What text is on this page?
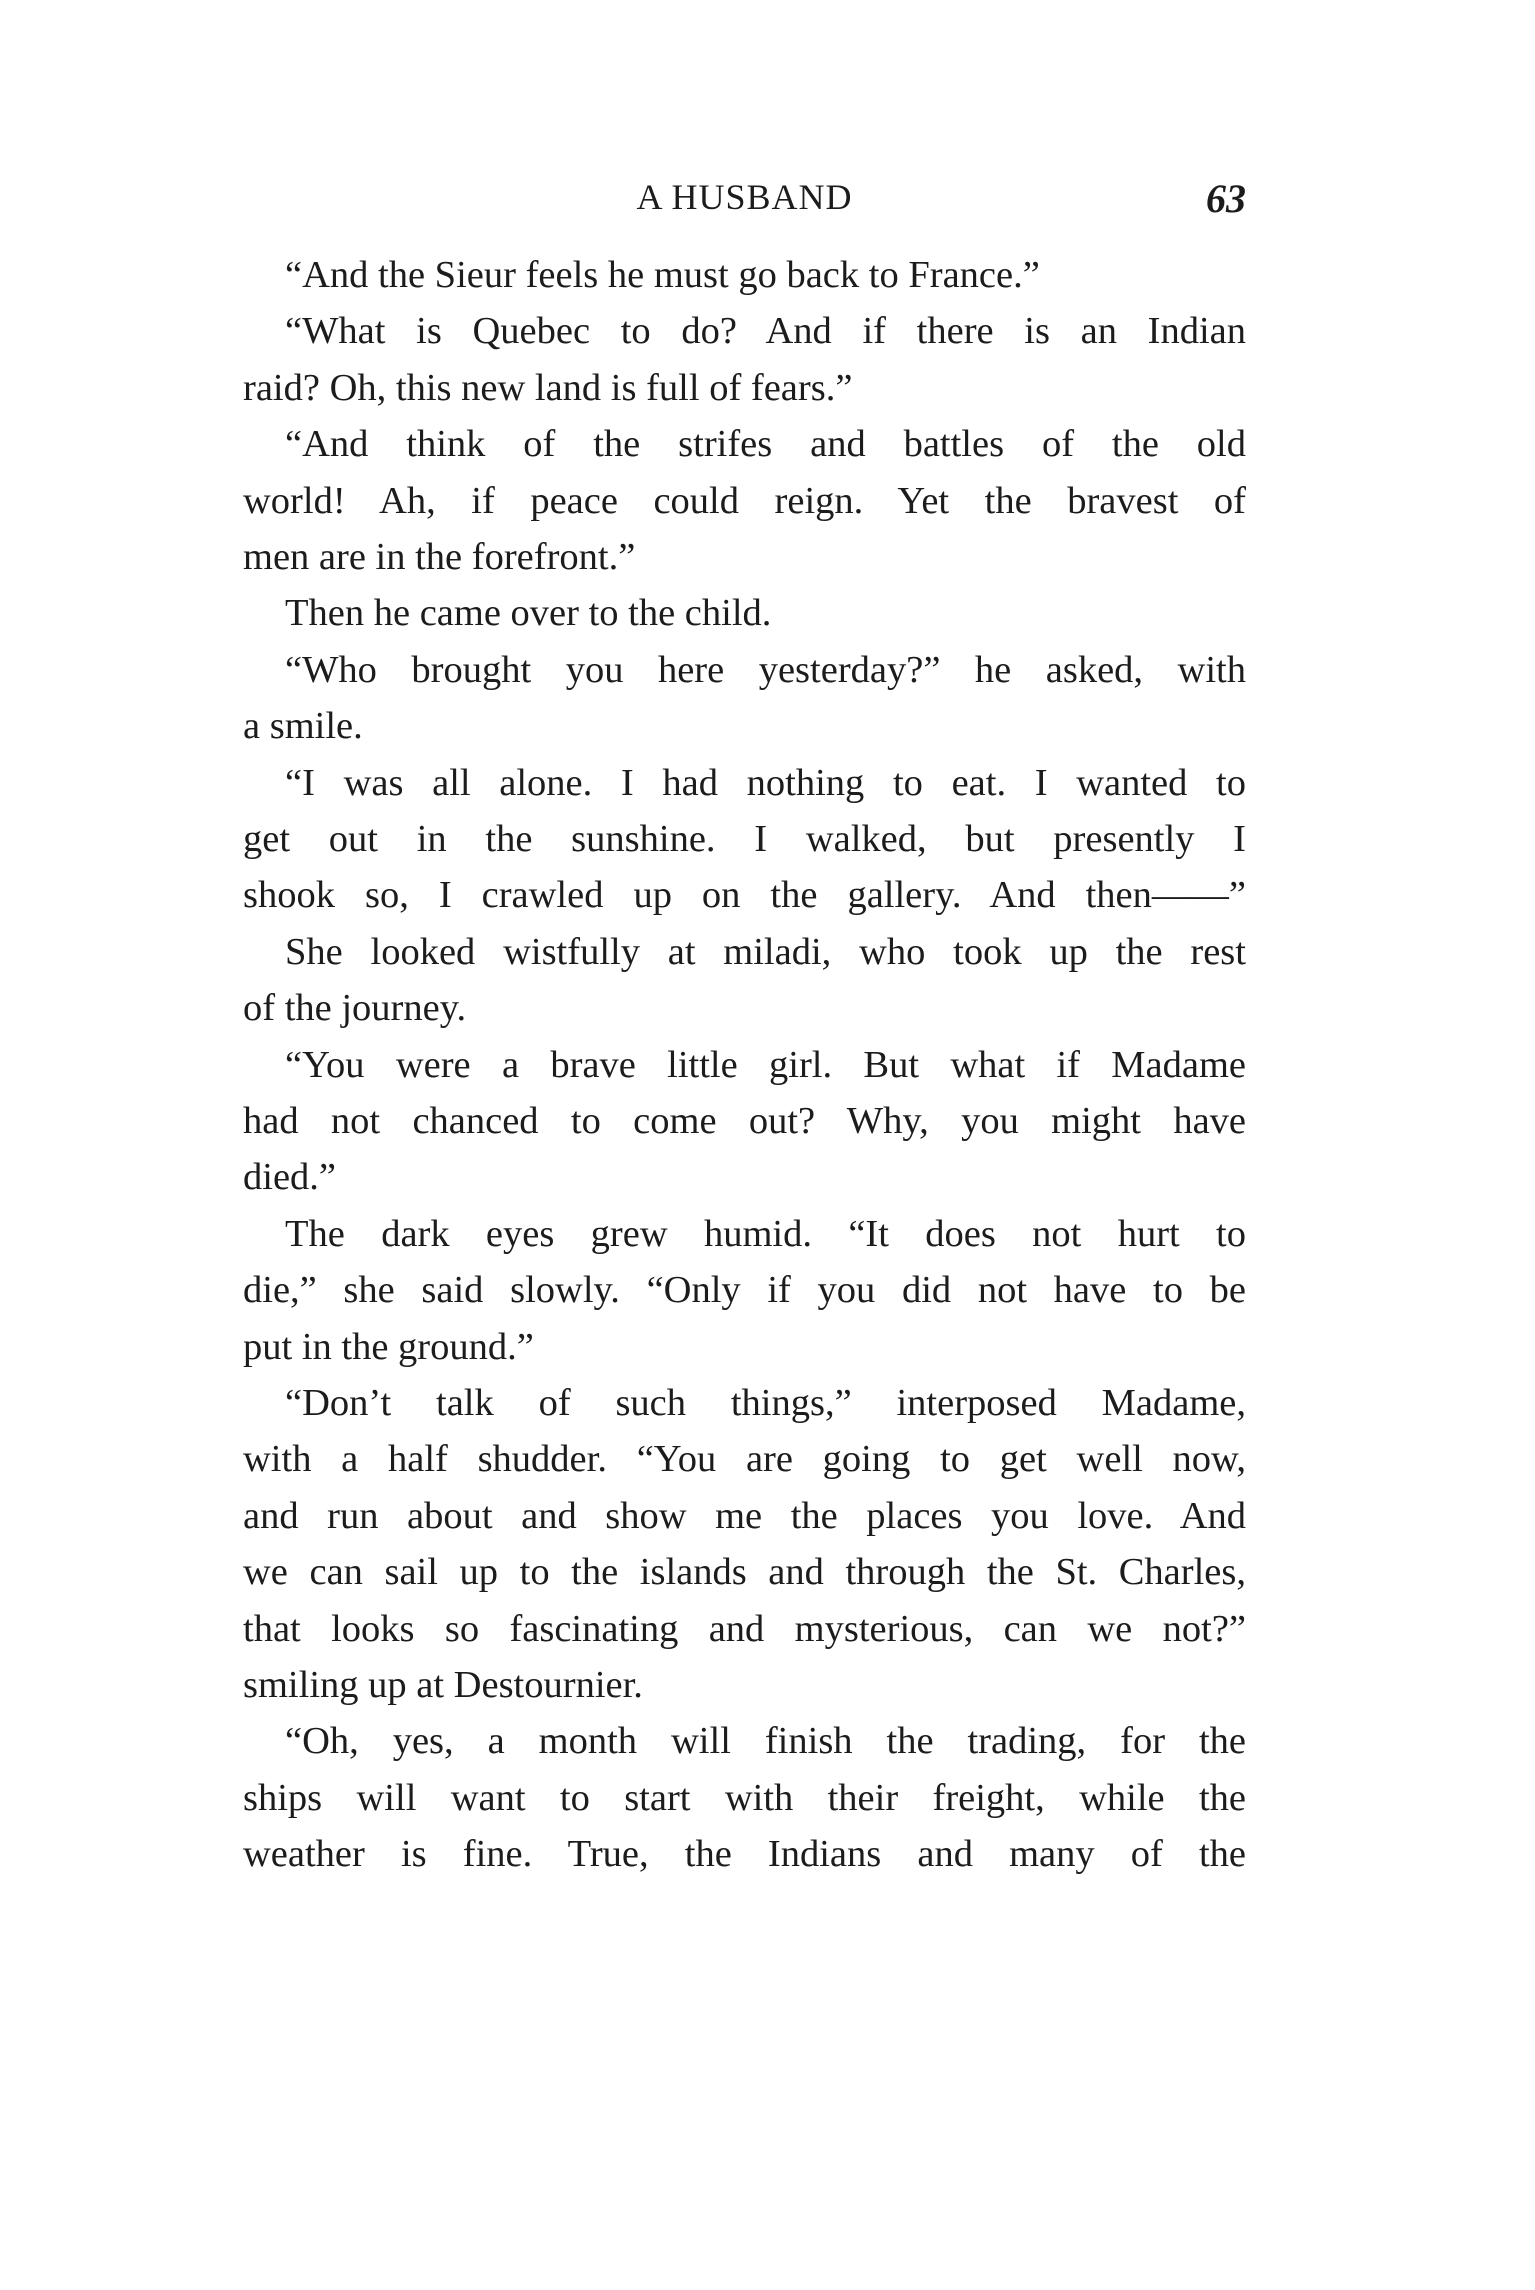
A HUSBAND	63
“And the Sieur feels he must go back to France.”
“What is Quebec to do? And if there is an Indian
raid? Oh, this new land is full of fears.”
“And think of the strifes and battles of the old
world! Ah, if peace could reign. Yet the bravest of
men are in the forefront.”
Then he came over to the child.
“Who brought you here yesterday?” he asked, with
a smile.
“I was all alone. I had nothing to eat. I wanted to
get out in the sunshine. I walked, but presently I
shook so, I crawled up on the gallery. And then——”
She looked wistfully at miladi, who took up the rest
of the journey.
“You were a brave little girl. But what if Madame
had not chanced to come out? Why, you might have
died.”
The dark eyes grew humid. “It does not hurt to
die,” she said slowly. “Only if you did not have to be
put in the ground.”
“Don’t talk of such things,” interposed Madame,
with a half shudder. “You are going to get well now,
and run about and show me the places you love. And
we can sail up to the islands and through the St. Charles,
that looks so fascinating and mysterious, can we not?”
smiling up at Destournier.
“Oh, yes, a month will finish the trading, for the
ships will want to start with their freight, while the
weather is fine. True, the Indians and many of the
